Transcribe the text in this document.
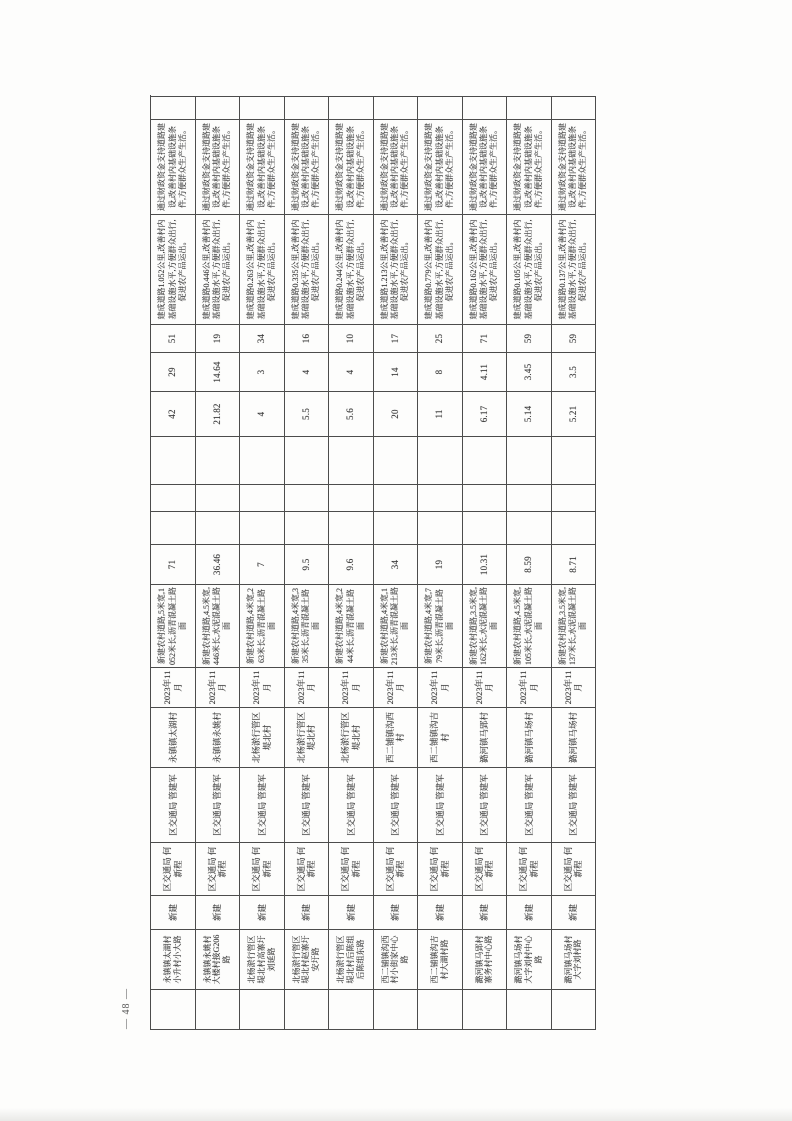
永镇镇太湖村小升村小大路
新建
区交通局 何新程
区交通局 管建军
永镇镇太湖村
2023年11月
新建农村道路,5米宽,1052米长,沥青混凝土路面
71
42
29
51
建成道路1.052公里,改善村内基础设施水平,方便群众出行,促进农产品运出。
通过财政资金支持道路建设,改善村内基础设施条件,方便群众生产生活。
永镇镇永姚村大楼村接G206路
新建
区交通局 何新程
区交通局 管建军
永镇镇永姚村
2023年11月
新建农村道路,4.5米宽,446米长,水泥混凝土路面
36.46
21.82
14.64
19
建成道路0.446公里,改善村内基础设施水平,方便群众出行,促进农产品运出。
通过财政资金支持道路建设,改善村内基础设施条件,方便群众生产生活。
北杨淤行管区堤北村高寨圩刘延路
新建
区交通局 何新程
区交通局 管建军
北杨淤行管区堤北村
2023年11月
新建农村道路,4米宽,263米长,沥青混凝土路面
7
4
3
34
建成道路0.263公里,改善村内基础设施水平,方便群众出行,促进农产品运出。
通过财政资金支持道路建设,改善村内基础设施条件,方便群众生产生活。
北杨淤行管区堤北村赵寨圩安圩路
新建
区交通局 何新程
区交通局 管建军
北杨淤行管区堤北村
2023年11月
新建农村道路,4米宽,335米长,沥青混凝土路面
9.5
5.5
4
16
建成道路0.335公里,改善村内基础设施水平,方便群众出行,促进农产品运出。
通过财政资金支持道路建设,改善村内基础设施条件,方便群众生产生活。
北杨淤行管区堤北村后陈组后陈组东路
新建
区交通局 何新程
区交通局 管建军
北杨淤行管区堤北村
2023年11月
新建农村道路,4米宽,244米长,沥青混凝土路面
9.6
5.6
4
10
建成道路0.244公里,改善村内基础设施水平,方便群众出行,促进农产品运出。
通过财政资金支持道路建设,改善村内基础设施条件,方便群众生产生活。
西二铺镇沟西村小街家中心路
新建
区交通局 何新程
区交通局 管建军
西二铺镇沟西村
2023年11月
新建农村道路,4米宽,1213米长,沥青混凝土路面
34
20
14
17
建成道路1.213公里,改善村内基础设施水平,方便群众出行,促进农产品运出。
通过财政资金支持道路建设,改善村内基础设施条件,方便群众生产生活。
西二铺镇沟吉村大湖村路
新建
区交通局 何新程
区交通局 管建军
西二铺镇沟吉村
2023年11月
新建农村道路,4米宽,779米长,沥青混凝土路面
19
11
8
25
建成道路0.779公里,改善村内基础设施水平,方便群众出行,促进农产品运出。
通过财政资金支持道路建设,改善村内基础设施条件,方便群众生产生活。
潞河镇马郢村寨务村中心路
新建
区交通局 何新程
区交通局 管建军
潞河镇马郢村
2023年11月
新建农村道路,3.5米宽,162米长,水泥混凝土路面
10.31
6.17
4.11
71
建成道路0.162公里,改善村内基础设施水平,方便群众出行,促进农产品运出。
通过财政资金支持道路建设,改善村内基础设施条件,方便群众生产生活。
潞河镇马场村大字刘村中心路
新建
区交通局 何新程
区交通局 管建军
潞河镇马场村
2023年11月
新建农村道路,4.5米宽,105米长,水泥混凝土路面
8.59
5.14
3.45
59
建成道路0.105公里,改善村内基础设施水平,方便群众出行,促进农产品运出。
通过财政资金支持道路建设,改善村内基础设施条件,方便群众生产生活。
潞河镇马场村大字刘村路
新建
区交通局 何新程
区交通局 管建军
潞河镇马场村
2023年11月
新建农村道路,3.5米宽,137米长,水泥混凝土路面
8.71
5.21
3.5
59
建成道路0.137公里,改善村内基础设施水平,方便群众出行,促进农产品运出。
通过财政资金支持道路建设,改善村内基础设施条件,方便群众生产生活。
— 48 —
